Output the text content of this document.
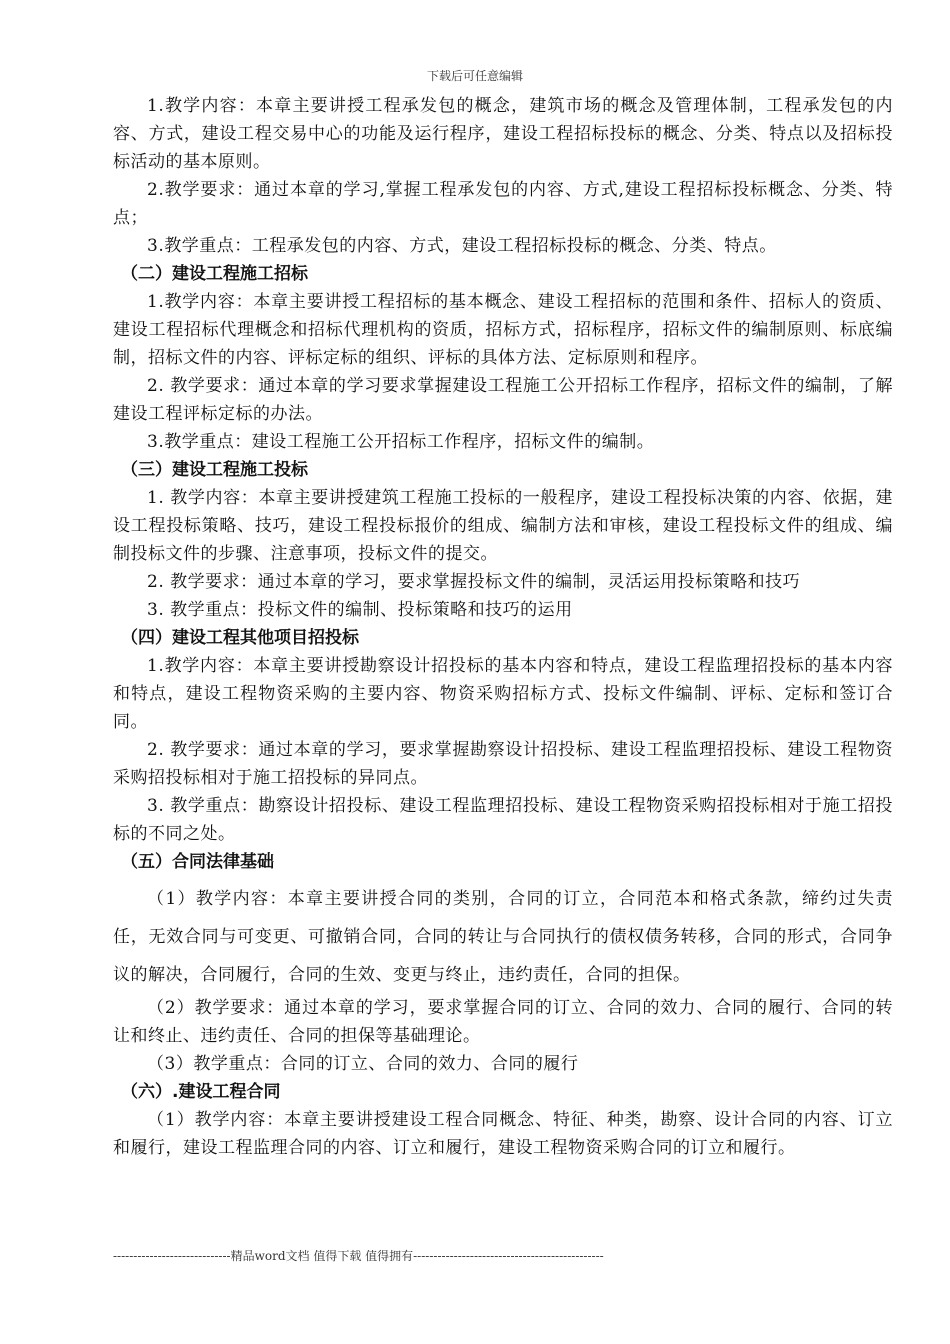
下载后可任意编辑

1.教学内容：本章主要讲授工程承发包的概念，建筑市场的概念及管理体制，工程承发包的内容、方式，建设工程交易中心的功能及运行程序，建设工程招标投标的概念、分类、特点以及招标投标活动的基本原则。

2.教学要求：通过本章的学习,掌握工程承发包的内容、方式,建设工程招标投标概念、分类、特点；

3.教学重点：工程承发包的内容、方式，建设工程招标投标的概念、分类、特点。

（二）建设工程施工招标

1.教学内容：本章主要讲授工程招标的基本概念、建设工程招标的范围和条件、招标人的资质、建设工程招标代理概念和招标代理机构的资质，招标方式，招标程序，招标文件的编制原则、标底编制，招标文件的内容、评标定标的组织、评标的具体方法、定标原则和程序。

2. 教学要求：通过本章的学习要求掌握建设工程施工公开招标工作程序，招标文件的编制，了解建设工程评标定标的办法。

3.教学重点：建设工程施工公开招标工作程序，招标文件的编制。

（三）建设工程施工投标

1. 教学内容：本章主要讲授建筑工程施工投标的一般程序，建设工程投标决策的内容、依据，建设工程投标策略、技巧，建设工程投标报价的组成、编制方法和审核，建设工程投标文件的组成、编制投标文件的步骤、注意事项，投标文件的提交。

2. 教学要求：通过本章的学习，要求掌握投标文件的编制，灵活运用投标策略和技巧

3. 教学重点：投标文件的编制、投标策略和技巧的运用

（四）建设工程其他项目招投标

1.教学内容：本章主要讲授勘察设计招投标的基本内容和特点，建设工程监理招投标的基本内容和特点，建设工程物资采购的主要内容、物资采购招标方式、投标文件编制、评标、定标和签订合同。

2. 教学要求：通过本章的学习，要求掌握勘察设计招投标、建设工程监理招投标、建设工程物资采购招投标相对于施工招投标的异同点。

3. 教学重点：勘察设计招投标、建设工程监理招投标、建设工程物资采购招投标相对于施工招投标的不同之处。

（五）合同法律基础

（1）教学内容：本章主要讲授合同的类别，合同的订立，合同范本和格式条款，缔约过失责任，无效合同与可变更、可撤销合同，合同的转让与合同执行的债权债务转移，合同的形式，合同争议的解决，合同履行，合同的生效、变更与终止，违约责任，合同的担保。

（2）教学要求：通过本章的学习，要求掌握合同的订立、合同的效力、合同的履行、合同的转让和终止、违约责任、合同的担保等基础理论。

（3）教学重点：合同的订立、合同的效力、合同的履行

（六）.建设工程合同

（1）教学内容：本章主要讲授建设工程合同概念、特征、种类，勘察、设计合同的内容、订立和履行，建设工程监理合同的内容、订立和履行，建设工程物资采购合同的订立和履行。

-----------------------------精品word文档 值得下载 值得拥有-----------------------------------------------
